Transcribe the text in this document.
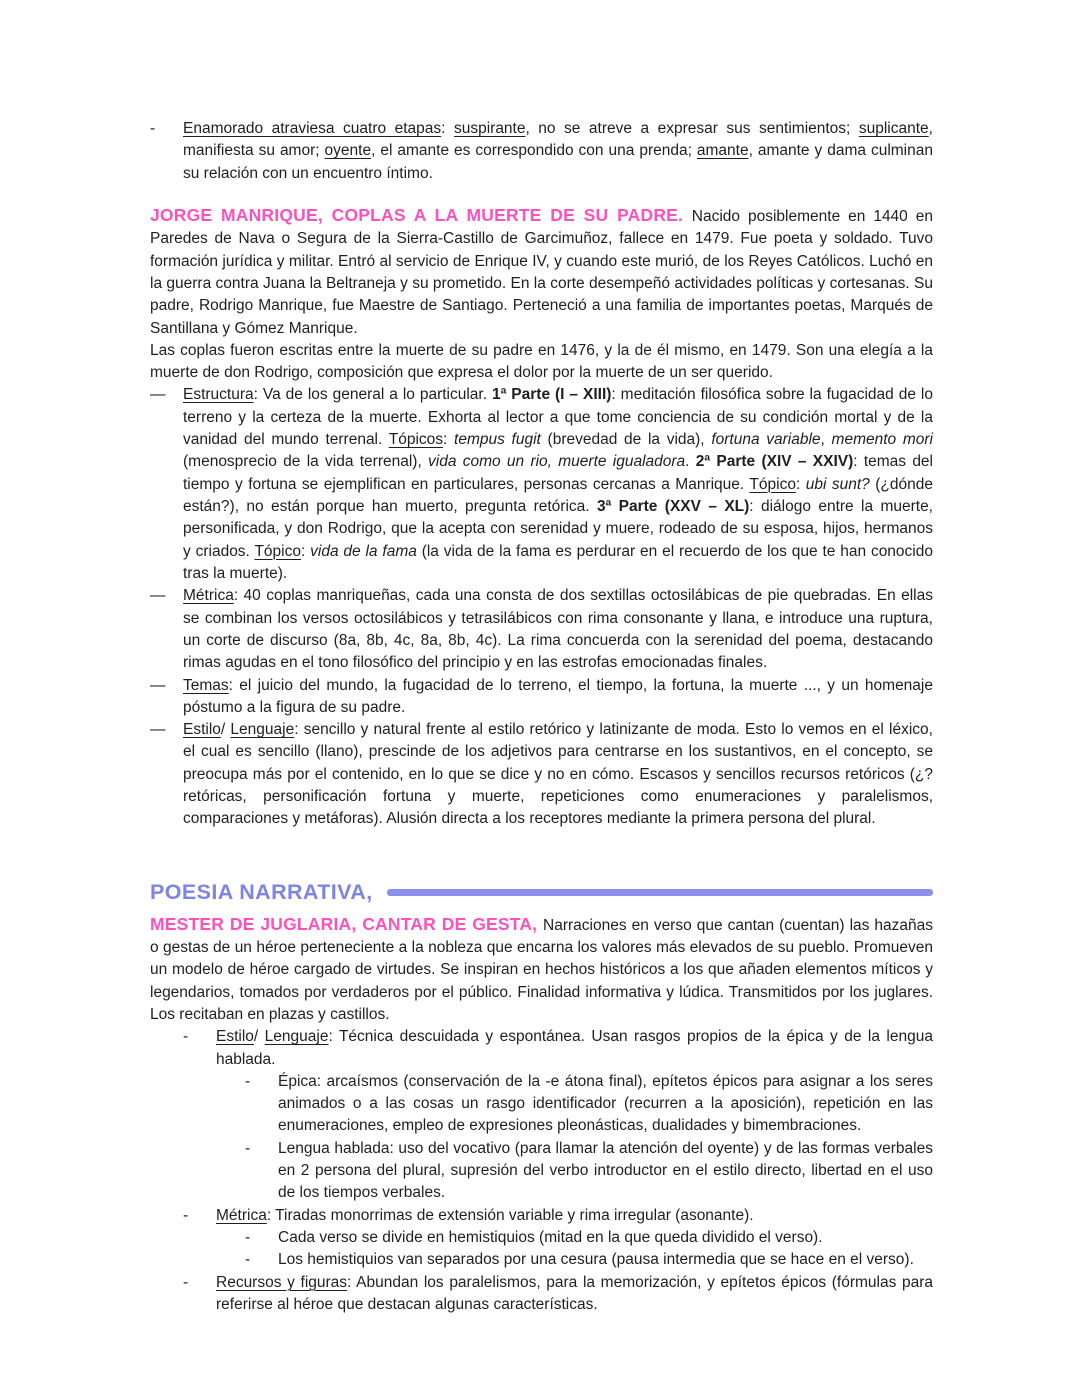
- Enamorado atraviesa cuatro etapas: suspirante, no se atreve a expresar sus sentimientos; suplicante, manifiesta su amor; oyente, el amante es correspondido con una prenda; amante, amante y dama culminan su relación con un encuentro íntimo.

JORGE MANRIQUE, COPLAS A LA MUERTE DE SU PADRE. Nacido posiblemente en 1440 en Paredes de Nava o Segura de la Sierra-Castillo de Garcimuñoz, fallece en 1479. Fue poeta y soldado. Tuvo formación jurídica y militar. Entró al servicio de Enrique IV, y cuando este murió, de los Reyes Católicos. Luchó en la guerra contra Juana la Beltraneja y su prometido. En la corte desempeñó actividades políticas y cortesanas. Su padre, Rodrigo Manrique, fue Maestre de Santiago. Perteneció a una familia de importantes poetas, Marqués de Santillana y Gómez Manrique.

Las coplas fueron escritas entre la muerte de su padre en 1476, y la de él mismo, en 1479. Son una elegía a la muerte de don Rodrigo, composición que expresa el dolor por la muerte de un ser querido.

— Estructura: Va de los general a lo particular. 1ª Parte (I – XIII): meditación filosófica sobre la fugacidad de lo terreno y la certeza de la muerte. Exhorta al lector a que tome conciencia de su condición mortal y de la vanidad del mundo terrenal. Tópicos: tempus fugit (brevedad de la vida), fortuna variable, memento mori (menosprecio de la vida terrenal), vida como un rio, muerte igualadora. 2ª Parte (XIV – XXIV): temas del tiempo y fortuna se ejemplifican en particulares, personas cercanas a Manrique. Tópico: ubi sunt? (¿dónde están?), no están porque han muerto, pregunta retórica. 3ª Parte (XXV – XL): diálogo entre la muerte, personificada, y don Rodrigo, que la acepta con serenidad y muere, rodeado de su esposa, hijos, hermanos y criados. Tópico: vida de la fama (la vida de la fama es perdurar en el recuerdo de los que te han conocido tras la muerte).
— Métrica: 40 coplas manriqueñas, cada una consta de dos sextillas octosilábicas de pie quebradas. En ellas se combinan los versos octosilábicos y tetrasilábicos con rima consonante y llana, e introduce una ruptura, un corte de discurso (8a, 8b, 4c, 8a, 8b, 4c). La rima concuerda con la serenidad del poema, destacando rimas agudas en el tono filosófico del principio y en las estrofas emocionadas finales.
— Temas: el juicio del mundo, la fugacidad de lo terreno, el tiempo, la fortuna, la muerte ..., y un homenaje póstumo a la figura de su padre.
— Estilo/ Lenguaje: sencillo y natural frente al estilo retórico y latinizante de moda. Esto lo vemos en el léxico, el cual es sencillo (llano), prescinde de los adjetivos para centrarse en los sustantivos, en el concepto, se preocupa más por el contenido, en lo que se dice y no en cómo. Escasos y sencillos recursos retóricos (¿? retóricas, personificación fortuna y muerte, repeticiones como enumeraciones y paralelismos, comparaciones y metáforas). Alusión directa a los receptores mediante la primera persona del plural.
POESIA NARRATIVA,

MESTER DE JUGLARIA, CANTAR DE GESTA, Narraciones en verso que cantan (cuentan) las hazañas o gestas de un héroe perteneciente a la nobleza que encarna los valores más elevados de su pueblo. Promueven un modelo de héroe cargado de virtudes. Se inspiran en hechos históricos a los que añaden elementos míticos y legendarios, tomados por verdaderos por el público. Finalidad informativa y lúdica. Transmitidos por los juglares. Los recitaban en plazas y castillos.

- Estilo/ Lenguaje: Técnica descuidada y espontánea. Usan rasgos propios de la épica y de la lengua hablada.
- Épica: arcaísmos (conservación de la -e átona final), epítetos épicos para asignar a los seres animados o a las cosas un rasgo identificador (recurren a la aposición), repetición en las enumeraciones, empleo de expresiones pleonásticas, dualidades y bimembraciones.
- Lengua hablada: uso del vocativo (para llamar la atención del oyente) y de las formas verbales en 2 persona del plural, supresión del verbo introductor en el estilo directo, libertad en el uso de los tiempos verbales.
- Métrica: Tiradas monorrimas de extensión variable y rima irregular (asonante).
- Cada verso se divide en hemistiquios (mitad en la que queda dividido el verso).
- Los hemistiquios van separados por una cesura (pausa intermedia que se hace en el verso).
- Recursos y figuras: Abundan los paralelismos, para la memorización, y epítetos épicos (fórmulas para referirse al héroe que destacan algunas características.
